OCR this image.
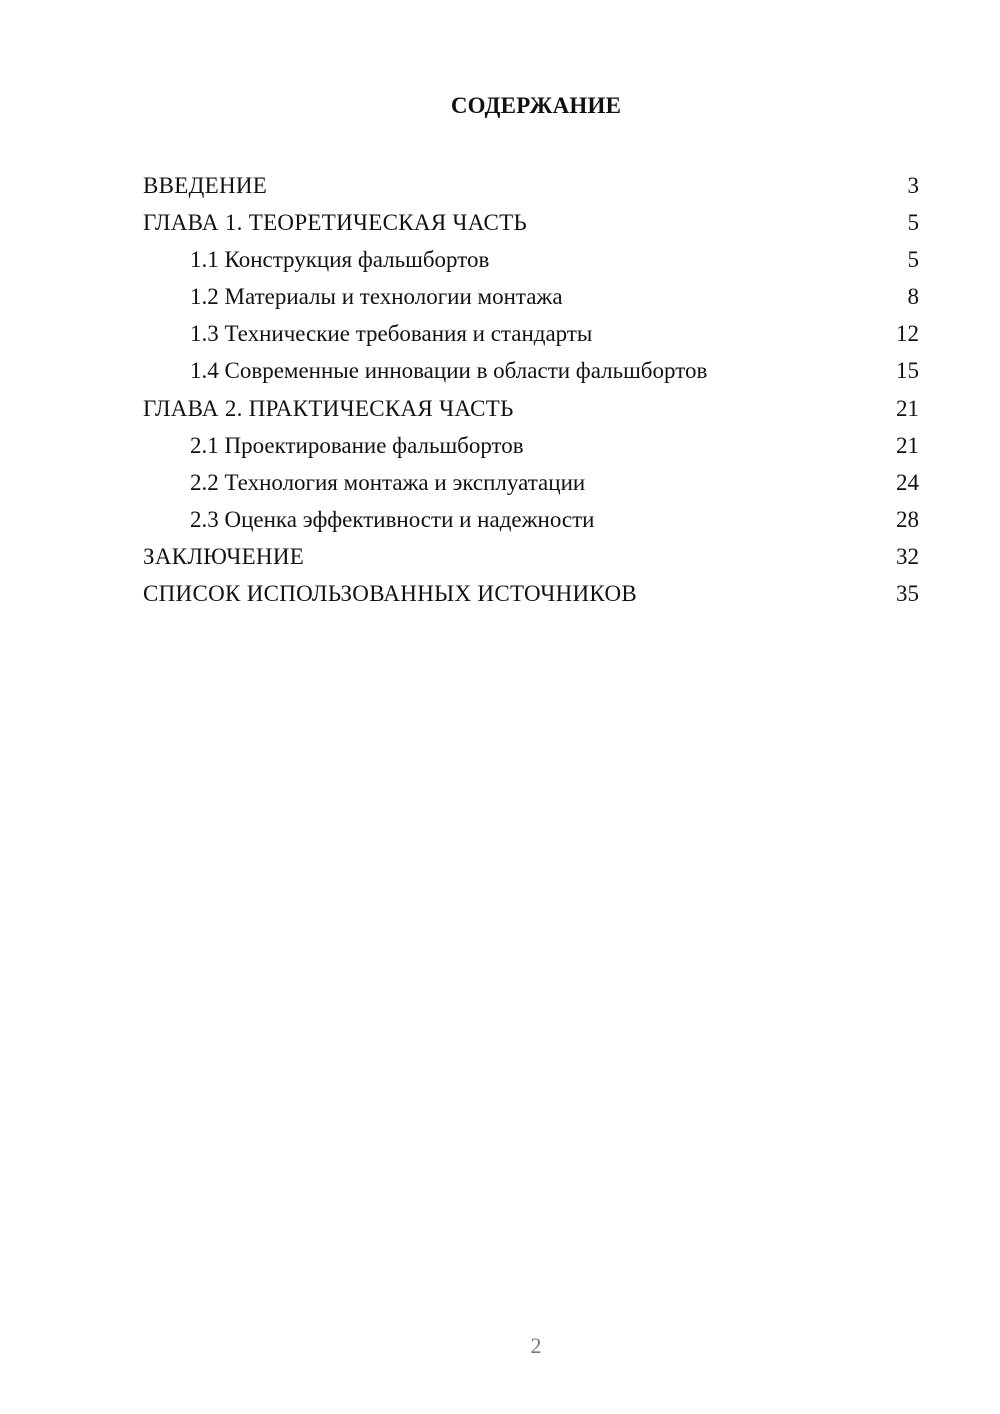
СОДЕРЖАНИЕ
ВВЕДЕНИЕ	3
ГЛАВА 1. ТЕОРЕТИЧЕСКАЯ ЧАСТЬ	5
1.1 Конструкция фальшбортов	5
1.2 Материалы и технологии монтажа	8
1.3 Технические требования и стандарты	12
1.4 Современные инновации в области фальшбортов	15
ГЛАВА 2. ПРАКТИЧЕСКАЯ ЧАСТЬ	21
2.1 Проектирование фальшбортов	21
2.2 Технология монтажа и эксплуатации	24
2.3 Оценка эффективности и надежности	28
ЗАКЛЮЧЕНИЕ	32
СПИСОК ИСПОЛЬЗОВАННЫХ ИСТОЧНИКОВ	35
2
